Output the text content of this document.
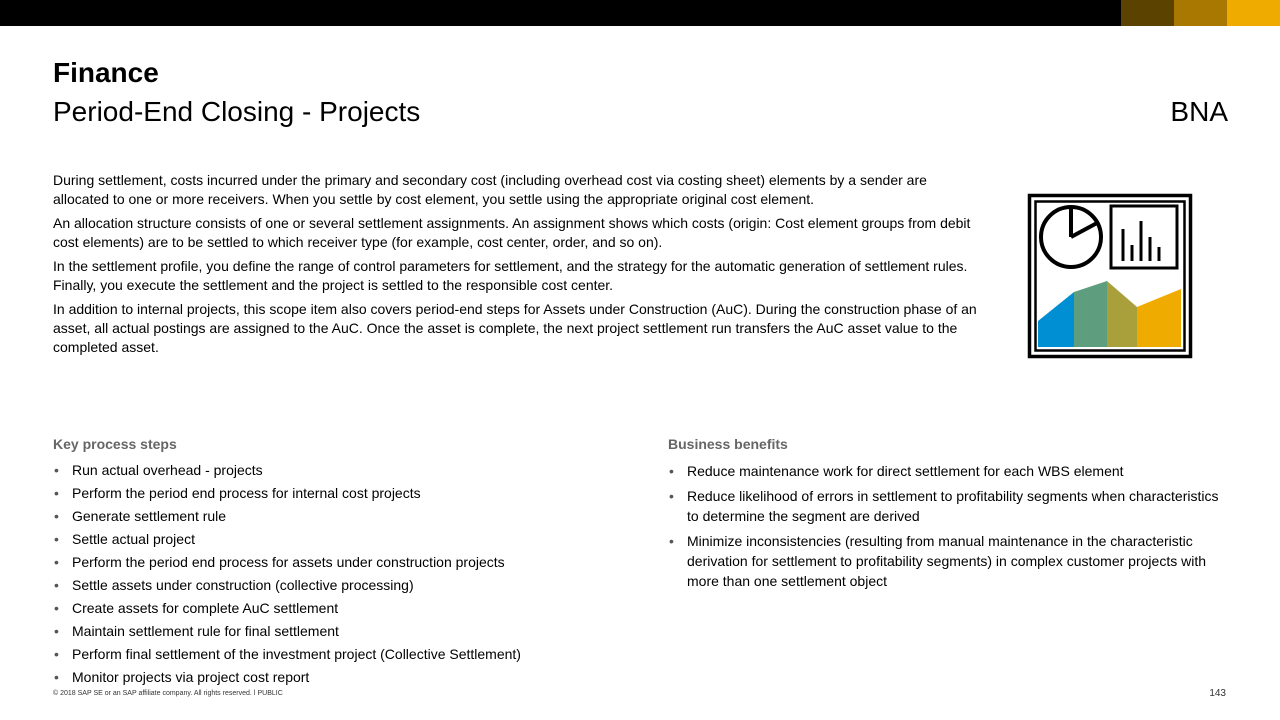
Finance
Period-End Closing - Projects	BNA

During settlement, costs incurred under the primary and secondary cost (including overhead cost via costing sheet) elements by a sender are allocated to one or more receivers. When you settle by cost element, you settle using the appropriate original cost element.

An allocation structure consists of one or several settlement assignments. An assignment shows which costs (origin: Cost element groups from debit cost elements) are to be settled to which receiver type (for example, cost center, order, and so on).

In the settlement profile, you define the range of control parameters for settlement, and the strategy for the automatic generation of settlement rules. Finally, you execute the settlement and the project is settled to the responsible cost center.

In addition to internal projects, this scope item also covers period-end steps for Assets under Construction (AuC). During the construction phase of an asset, all actual postings are assigned to the AuC. Once the asset is complete, the next project settlement run transfers the AuC asset value to the completed asset.

Key process steps
• Run actual overhead - projects
• Perform the period end process for internal cost projects
• Generate settlement rule
• Settle actual project
• Perform the period end process for assets under construction projects
• Settle assets under construction (collective processing)
• Create assets for complete AuC settlement
• Maintain settlement rule for final settlement
• Perform final settlement of the investment project (Collective Settlement)
• Monitor projects via project cost report
Business benefits
• Reduce maintenance work for direct settlement for each WBS element
• Reduce likelihood of errors in settlement to profitability segments when characteristics to determine the segment are derived
• Minimize inconsistencies (resulting from manual maintenance in the characteristic derivation for settlement to profitability segments) in complex customer projects with more than one settlement object
© 2018 SAP SE or an SAP affiliate company. All rights reserved. ǀ PUBLIC	143
